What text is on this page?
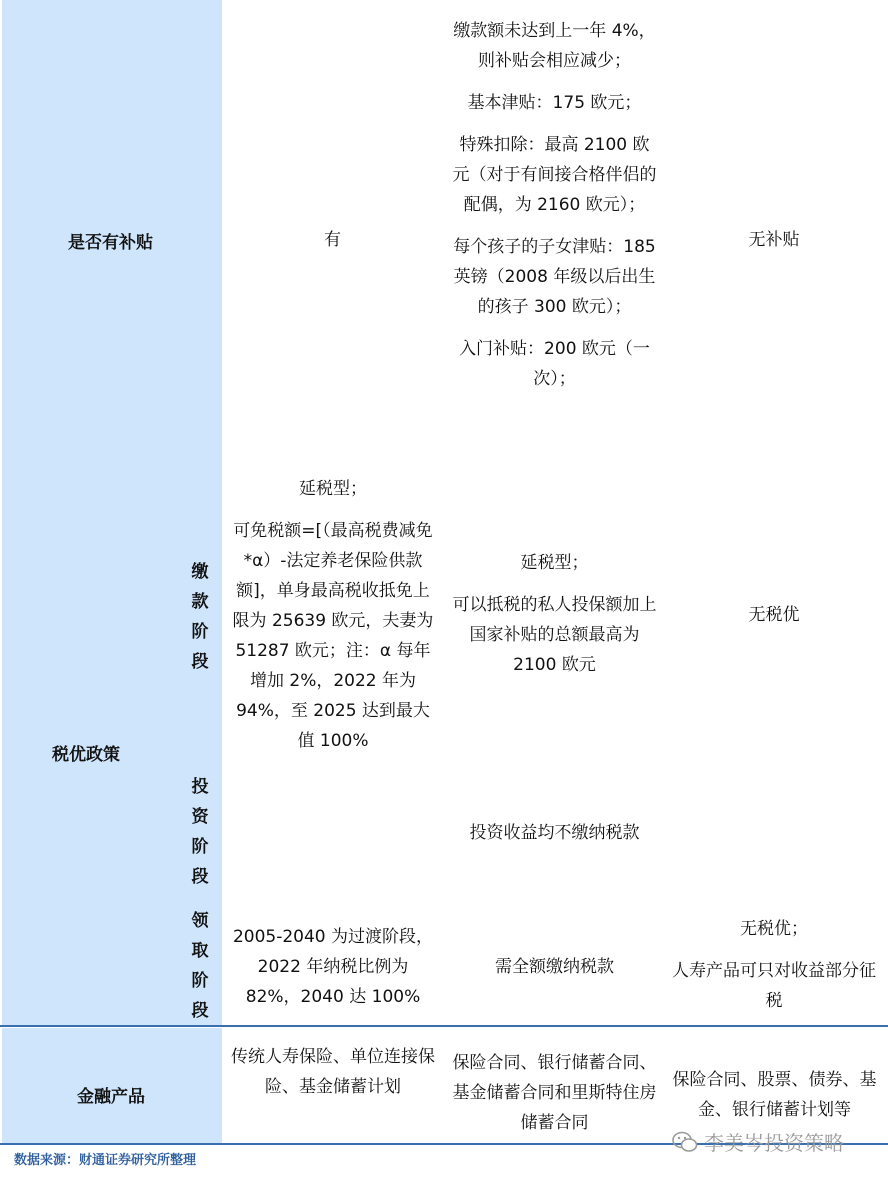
是否有补贴	有
缴款额未达到上一年 4%，则补贴会相应减少；
基本津贴：175 欧元；
特殊扣除：最高 2100 欧元（对于有间接合格伴侣的配偶，为 2160 欧元）；
每个孩子的子女津贴：185 英镑（2008 年级以后出生的孩子 300 欧元）；
入门补贴：200 欧元（一次）；
无补贴
税优政策
缴款阶段
延税型；
可免税额=[（最高税费减免*α）-法定养老保险供款额]，单身最高税收抵免上限为 25639 欧元，夫妻为 51287 欧元；注：α 每年增加 2%，2022 年为 94%，至 2025 达到最大值 100%
延税型；
可以抵税的私人投保额加上国家补贴的总额最高为 2100 欧元
无税优
投资阶段
投资收益均不缴纳税款
领取阶段
2005-2040 为过渡阶段，2022 年纳税比例为 82%，2040 达 100%
需全额缴纳税款
无税优；
人寿产品可只对收益部分征税
金融产品
传统人寿保险、单位连接保险、基金储蓄计划
保险合同、银行储蓄合同、基金储蓄合同和里斯特住房储蓄合同
保险合同、股票、债券、基金、银行储蓄计划等
数据来源：财通证券研究所整理
李美岑投资策略
